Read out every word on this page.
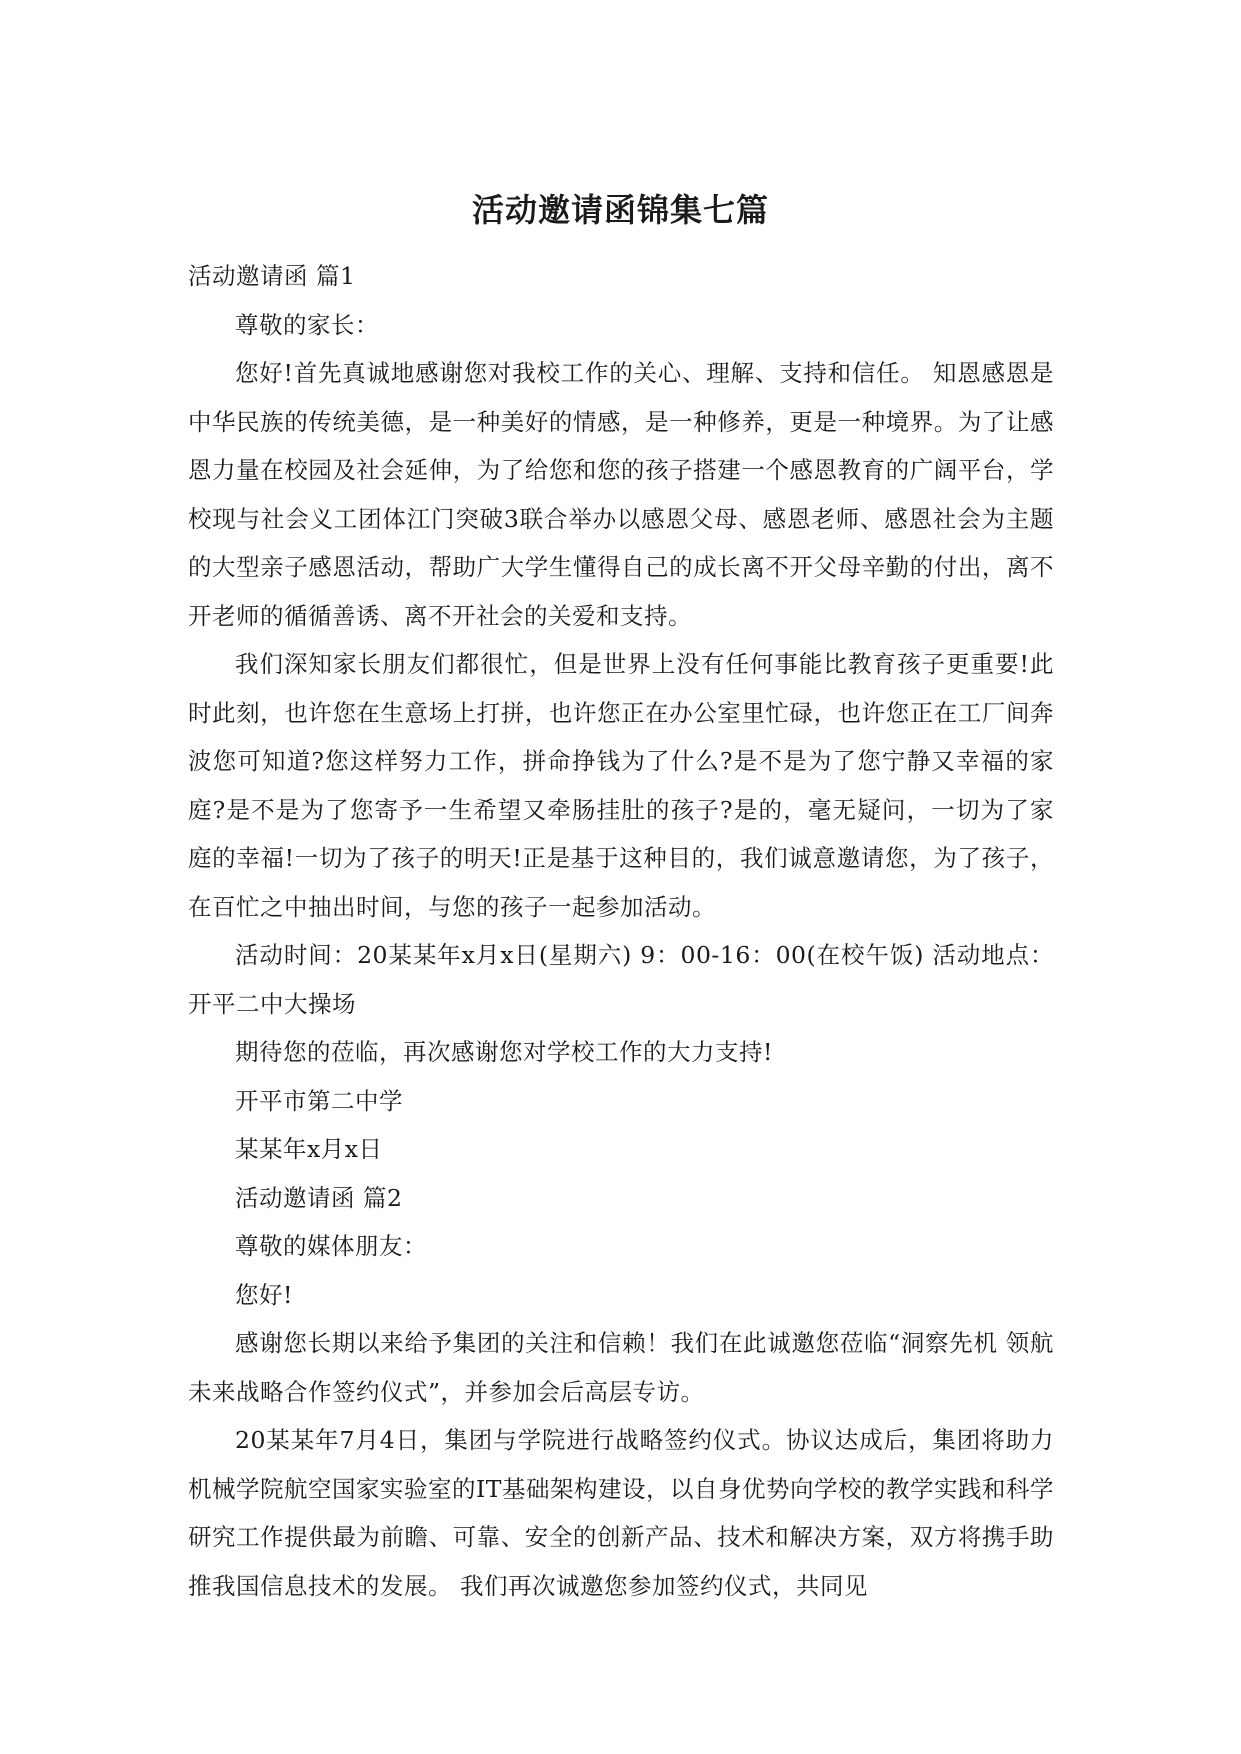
活动邀请函锦集七篇

活动邀请函 篇1

尊敬的家长：

您好!首先真诚地感谢您对我校工作的关心、理解、支持和信任。 知恩感恩是中华民族的传统美德，是一种美好的情感，是一种修养，更是一种境界。为了让感恩力量在校园及社会延伸，为了给您和您的孩子搭建一个感恩教育的广阔平台，学校现与社会义工团体江门突破3联合举办以感恩父母、感恩老师、感恩社会为主题的大型亲子感恩活动，帮助广大学生懂得自己的成长离不开父母辛勤的付出，离不开老师的循循善诱、离不开社会的关爱和支持。

我们深知家长朋友们都很忙，但是世界上没有任何事能比教育孩子更重要!此时此刻，也许您在生意场上打拼，也许您正在办公室里忙碌，也许您正在工厂间奔波您可知道?您这样努力工作，拼命挣钱为了什么?是不是为了您宁静又幸福的家庭?是不是为了您寄予一生希望又牵肠挂肚的孩子?是的，毫无疑问，一切为了家庭的幸福!一切为了孩子的明天!正是基于这种目的，我们诚意邀请您，为了孩子，在百忙之中抽出时间，与您的孩子一起参加活动。

活动时间：20某某年x月x日(星期六) 9：00-16：00(在校午饭) 活动地点：开平二中大操场

期待您的莅临，再次感谢您对学校工作的大力支持!

开平市第二中学

某某年x月x日

活动邀请函 篇2

尊敬的媒体朋友：

您好!

感谢您长期以来给予集团的关注和信赖！我们在此诚邀您莅临“洞察先机 领航未来战略合作签约仪式”，并参加会后高层专访。

20某某年7月4日，集团与学院进行战略签约仪式。协议达成后，集团将助力机械学院航空国家实验室的IT基础架构建设，以自身优势向学校的教学实践和科学研究工作提供最为前瞻、可靠、安全的创新产品、技术和解决方案，双方将携手助推我国信息技术的发展。 我们再次诚邀您参加签约仪式，共同见
